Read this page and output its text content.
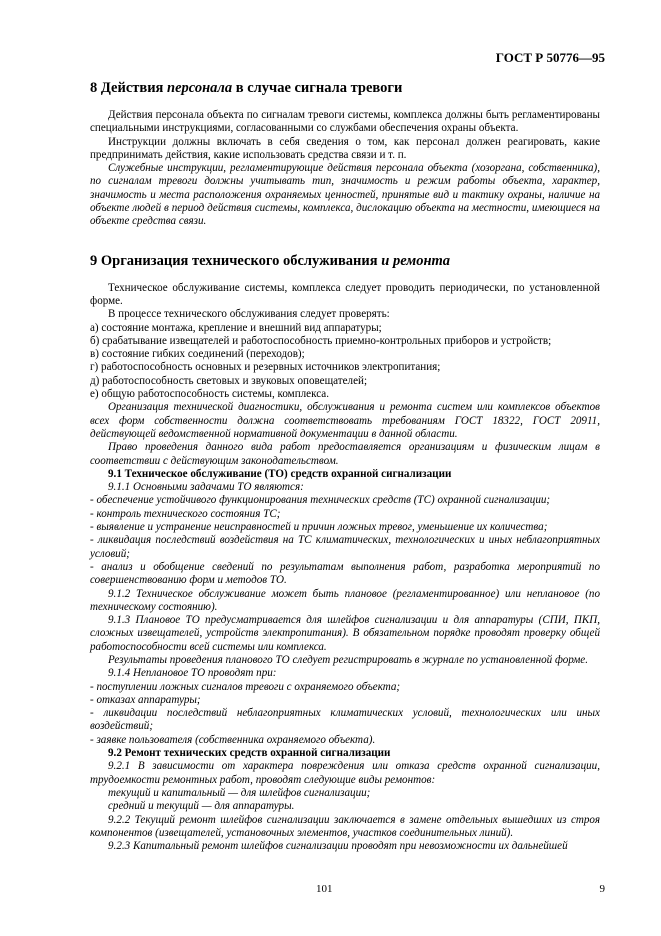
ГОСТ Р 50776—95
8 Действия персонала в случае сигнала тревоги

Действия персонала объекта по сигналам тревоги системы, комплекса должны быть регламентированы специальными инструкциями, согласованными со службами обеспечения охраны объекта.

Инструкции должны включать в себя сведения о том, как персонал должен реагировать, какие предпринимать действия, какие использовать средства связи и т. п.

Служебные инструкции, регламентирующие действия персонала объекта (хозоргана, собственника), по сигналам тревоги должны учитывать тип, значимость и режим работы объекта, характер, значимость и места расположения охраняемых ценностей, принятые вид и тактику охраны, наличие на объекте людей в период действия системы, комплекса, дислокацию объекта на местности, имеющиеся на объекте средства связи.

9 Организация технического обслуживания и ремонта

Техническое обслуживание системы, комплекса следует проводить периодически, по установленной форме.

В процессе технического обслуживания следует проверять:

а) состояние монтажа, крепление и внешний вид аппаратуры;

б) срабатывание извещателей и работоспособность приемно-контрольных приборов и устройств;

в) состояние гибких соединений (переходов);

г) работоспособность основных и резервных источников электропитания;

д) работоспособность световых и звуковых оповещателей;

е) общую работоспособность системы, комплекса.

Организация технической диагностики, обслуживания и ремонта систем или комплексов объектов всех форм собственности должна соответствовать требованиям ГОСТ 18322, ГОСТ 20911, действующей ведомственной нормативной документации в данной области.

Право проведения данного вида работ предоставляется организациям и физическим лицам в соответствии с действующим законодательством.

9.1 Техническое обслуживание (ТО) средств охранной сигнализации

9.1.1 Основными задачами ТО являются:

- обеспечение устойчивого функционирования технических средств (ТС) охранной сигнализации;

- контроль технического состояния ТС;

- выявление и устранение неисправностей и причин ложных тревог, уменьшение их количества;

- ликвидация последствий воздействия на ТС климатических, технологических и иных неблагоприятных условий;

- анализ и обобщение сведений по результатам выполнения работ, разработка мероприятий по совершенствованию форм и методов ТО.

9.1.2 Техническое обслуживание может быть плановое (регламентированное) или неплановое (по техническому состоянию).

9.1.3 Плановое ТО предусматривается для шлейфов сигнализации и для аппаратуры (СПИ, ПКП, сложных извещателей, устройств электропитания). В обязательном порядке проводят проверку общей работоспособности всей системы или комплекса.

Результаты проведения планового ТО следует регистрировать в журнале по установленной форме.

9.1.4 Неплановое ТО проводят при:

- поступлении ложных сигналов тревоги с охраняемого объекта;

- отказах аппаратуры;

- ликвидации последствий неблагоприятных климатических условий, технологических или иных воздействий;

- заявке пользователя (собственника охраняемого объекта).

9.2 Ремонт технических средств охранной сигнализации

9.2.1 В зависимости от характера повреждения или отказа средств охранной сигнализации, трудоемкости ремонтных работ, проводят следующие виды ремонтов:

текущий и капитальный — для шлейфов сигнализации;

средний и текущий — для аппаратуры.

9.2.2 Текущий ремонт шлейфов сигнализации заключается в замене отдельных вышедших из строя компонентов (извещателей, установочных элементов, участков соединительных линий).

9.2.3 Капитальный ремонт шлейфов сигнализации проводят при невозможности их дальнейшей

101	9
